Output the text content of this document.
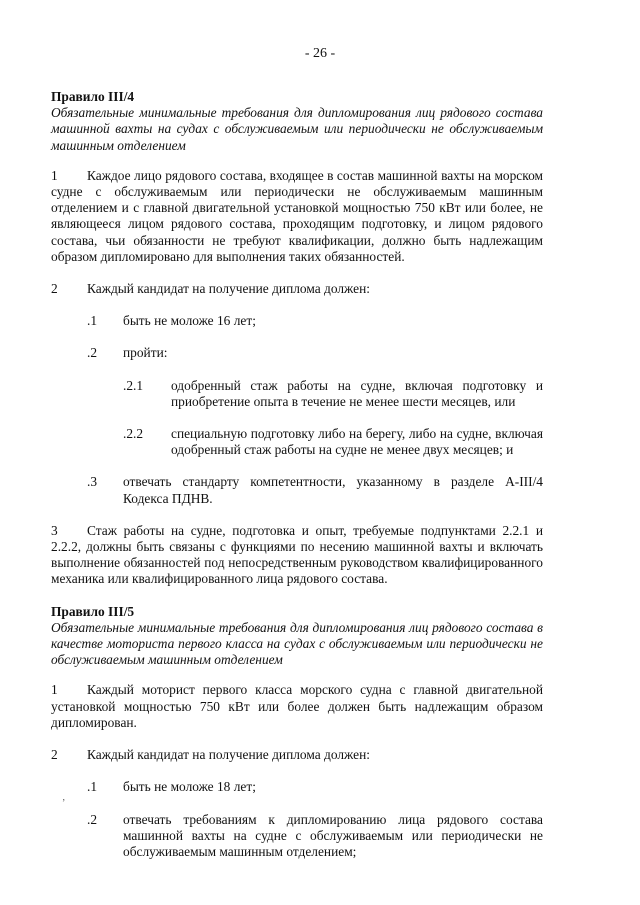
- 26 -

Правило III/4

Обязательные минимальные требования для дипломирования лиц рядового состава машинной вахты на судах с обслуживаемым или периодически не обслуживаемым машинным отделением

1 Каждое лицо рядового состава, входящее в состав машинной вахты на морском судне с обслуживаемым или периодически не обслуживаемым машинным отделением и с главной двигательной установкой мощностью 750 кВт или более, не являющееся лицом рядового состава, проходящим подготовку, и лицом рядового состава, чьи обязанности не требуют квалификации, должно быть надлежащим образом дипломировано для выполнения таких обязанностей.
2	Каждый кандидат на получение диплома должен:
.1	быть не моложе 16 лет;
.2	пройти:
.2.1	одобренный стаж работы на судне, включая подготовку и приобретение опыта в течение не менее шести месяцев, или
.2.2	специальную подготовку либо на берегу, либо на судне, включая одобренный стаж работы на судне не менее двух месяцев; и
.3	отвечать стандарту компетентности, указанному в разделе A-III/4 Кодекса ПДНВ.
3 Стаж работы на судне, подготовка и опыт, требуемые подпунктами 2.2.1 и 2.2.2, должны быть связаны с функциями по несению машинной вахты и включать выполнение обязанностей под непосредственным руководством квалифицированного механика или квалифицированного лица рядового состава.

Правило III/5

Обязательные минимальные требования для дипломирования лиц рядового состава в качестве моториста первого класса на судах с обслуживаемым или периодически не обслуживаемым машинным отделением

1 Каждый моторист первого класса морского судна с главной двигательной установкой мощностью 750 кВт или более должен быть надлежащим образом дипломирован.
2	Каждый кандидат на получение диплома должен:
.1	быть не моложе 18 лет;
.2	отвечать требованиям к дипломированию лица рядового состава машинной вахты на судне с обслуживаемым или периодически не обслуживаемым машинным отделением;
’
